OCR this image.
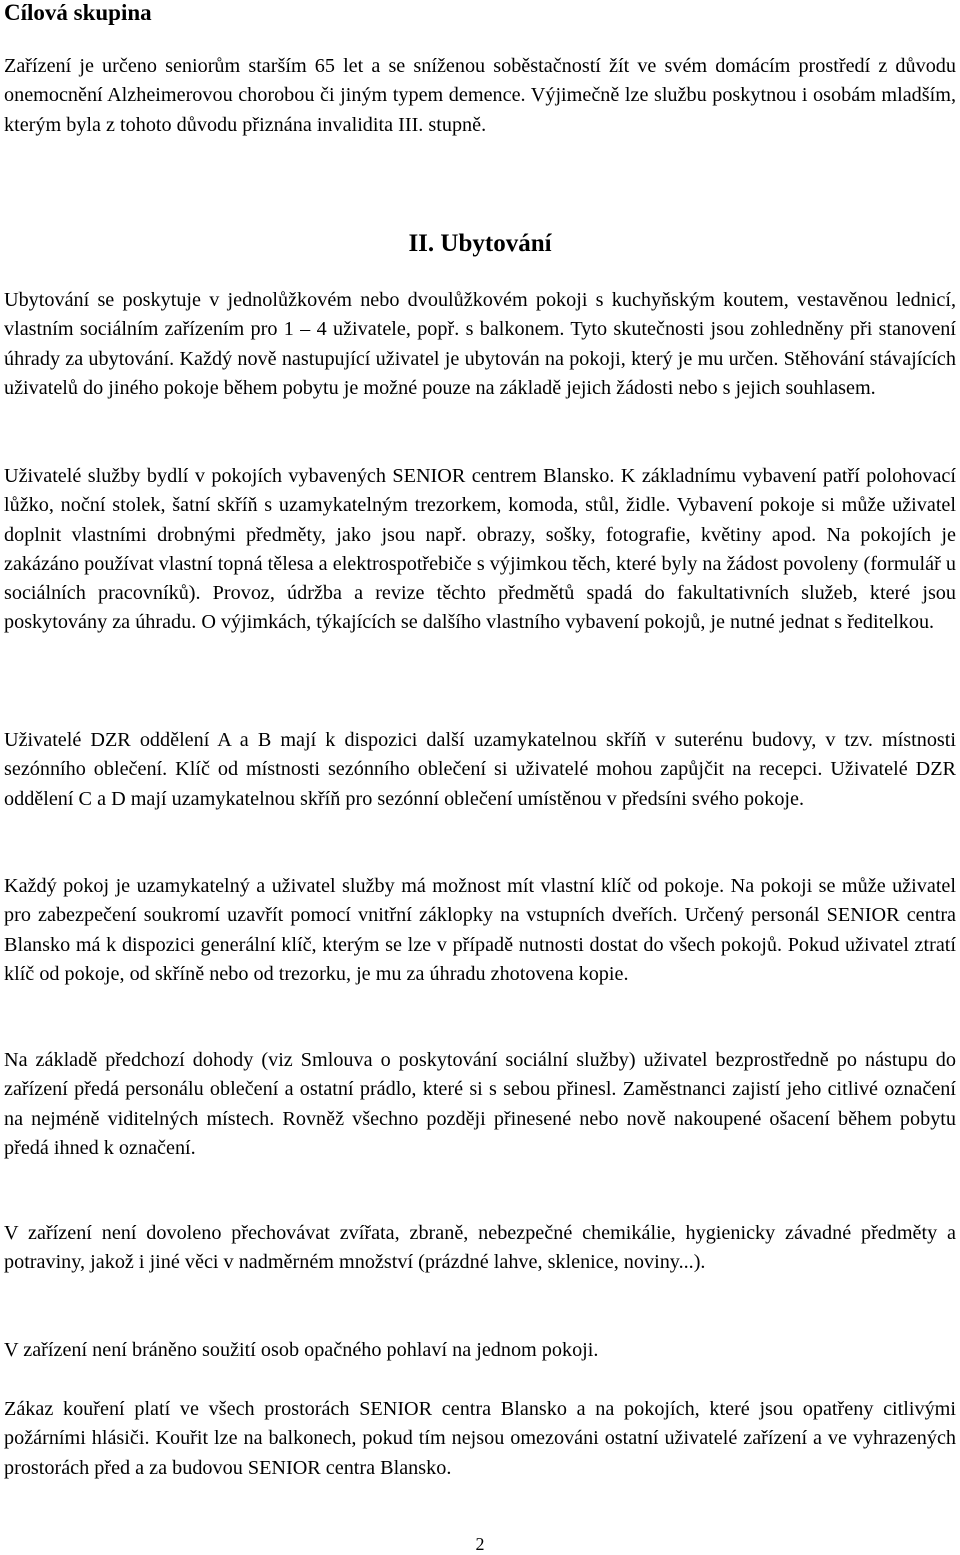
Cílová skupina

Zařízení je určeno seniorům starším 65 let a se sníženou soběstačností žít ve svém domácím prostředí z důvodu onemocnění Alzheimerovou chorobou či jiným typem demence. Výjimečně lze službu poskytnou i osobám mladším, kterým byla z tohoto důvodu přiznána invalidita III. stupně.

II. Ubytování

Ubytování se poskytuje v jednolůžkovém nebo dvoulůžkovém pokoji s kuchyňským koutem, vestavěnou lednicí, vlastním sociálním zařízením pro 1 – 4 uživatele, popř. s balkonem. Tyto skutečnosti jsou zohledněny při stanovení úhrady za ubytování. Každý nově nastupující uživatel je ubytován na pokoji, který je mu určen. Stěhování stávajících uživatelů do jiného pokoje během pobytu je možné pouze na základě jejich žádosti nebo s jejich souhlasem.

Uživatelé služby bydlí v pokojích vybavených SENIOR centrem Blansko. K základnímu vybavení patří polohovací lůžko, noční stolek, šatní skříň s uzamykatelným trezorkem, komoda, stůl, židle. Vybavení pokoje si může uživatel doplnit vlastními drobnými předměty, jako jsou např. obrazy, sošky, fotografie, květiny apod. Na pokojích je zakázáno používat vlastní topná tělesa a elektrospotřebiče s výjimkou těch, které byly na žádost povoleny (formulář u sociálních pracovníků). Provoz, údržba a revize těchto předmětů spadá do fakultativních služeb, které jsou poskytovány za úhradu. O výjimkách, týkajících se dalšího vlastního vybavení pokojů, je nutné jednat s ředitelkou.

Uživatelé DZR oddělení A a B mají k dispozici další uzamykatelnou skříň v suterénu budovy, v tzv. místnosti sezónního oblečení. Klíč od místnosti sezónního oblečení si uživatelé mohou zapůjčit na recepci. Uživatelé DZR oddělení C a D mají uzamykatelnou skříň pro sezónní oblečení umístěnou v předsíni svého pokoje.

Každý pokoj je uzamykatelný a uživatel služby má možnost mít vlastní klíč od pokoje. Na pokoji se může uživatel pro zabezpečení soukromí uzavřít pomocí vnitřní záklopky na vstupních dveřích. Určený personál SENIOR centra Blansko má k dispozici generální klíč, kterým se lze v případě nutnosti dostat do všech pokojů. Pokud uživatel ztratí klíč od pokoje, od skříně nebo od trezorku, je mu za úhradu zhotovena kopie.

Na základě předchozí dohody (viz Smlouva o poskytování sociální služby) uživatel bezprostředně po nástupu do zařízení předá personálu oblečení a ostatní prádlo, které si s sebou přinesl. Zaměstnanci zajistí jeho citlivé označení na nejméně viditelných místech. Rovněž všechno později přinesené nebo nově nakoupené ošacení během pobytu předá ihned k označení.

V zařízení není dovoleno přechovávat zvířata, zbraně, nebezpečné chemikálie, hygienicky závadné předměty a potraviny, jakož i jiné věci v nadměrném množství (prázdné lahve, sklenice, noviny...).

V zařízení není bráněno soužití osob opačného pohlaví na jednom pokoji.

Zákaz kouření platí ve všech prostorách SENIOR centra Blansko a na pokojích, které jsou opatřeny citlivými požárními hlásiči. Kouřit lze na balkonech, pokud tím nejsou omezováni ostatní uživatelé zařízení a ve vyhrazených prostorách před a za budovou SENIOR centra Blansko.

2
